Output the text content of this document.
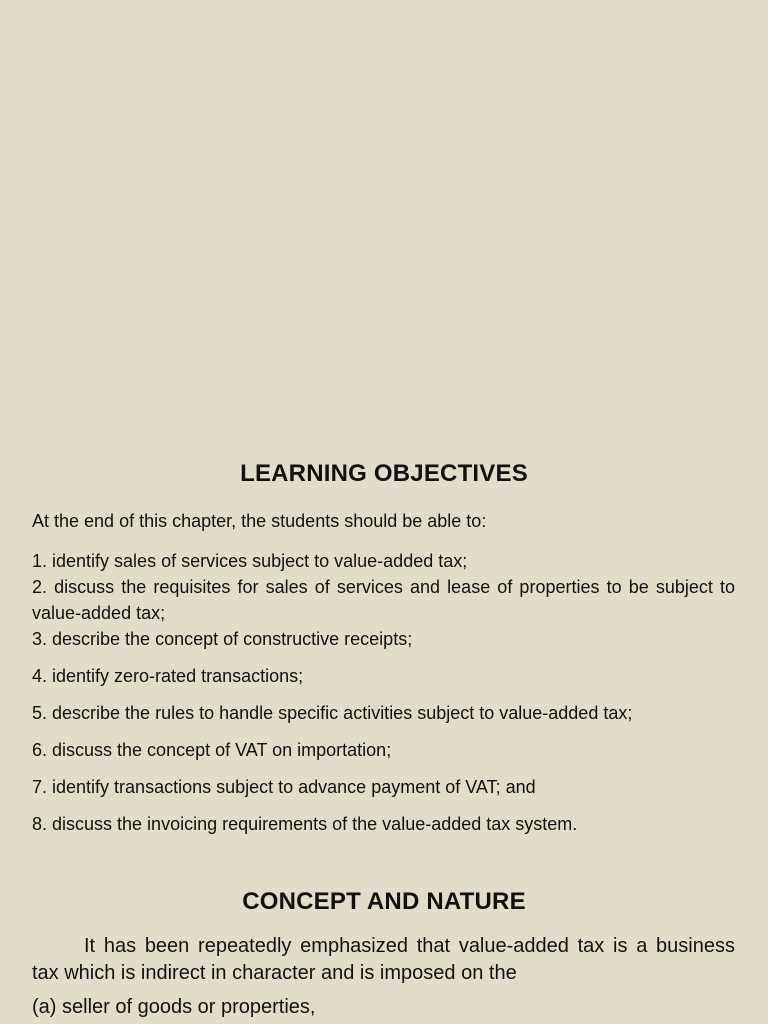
LEARNING OBJECTIVES

At the end of this chapter, the students should be able to:

1. identify sales of services subject to value-added tax;
2. discuss the requisites for sales of services and lease of properties to be subject to value-added tax;
3. describe the concept of constructive receipts;
4. identify zero-rated transactions;
5. describe the rules to handle specific activities subject to value-added tax;
6. discuss the concept of VAT on importation;
7. identify transactions subject to advance payment of VAT; and
8. discuss the invoicing requirements of the value-added tax system.
CONCEPT AND NATURE

It has been repeatedly emphasized that value-added tax is a business tax which is indirect in character and is imposed on the

(a) seller of goods or properties,
